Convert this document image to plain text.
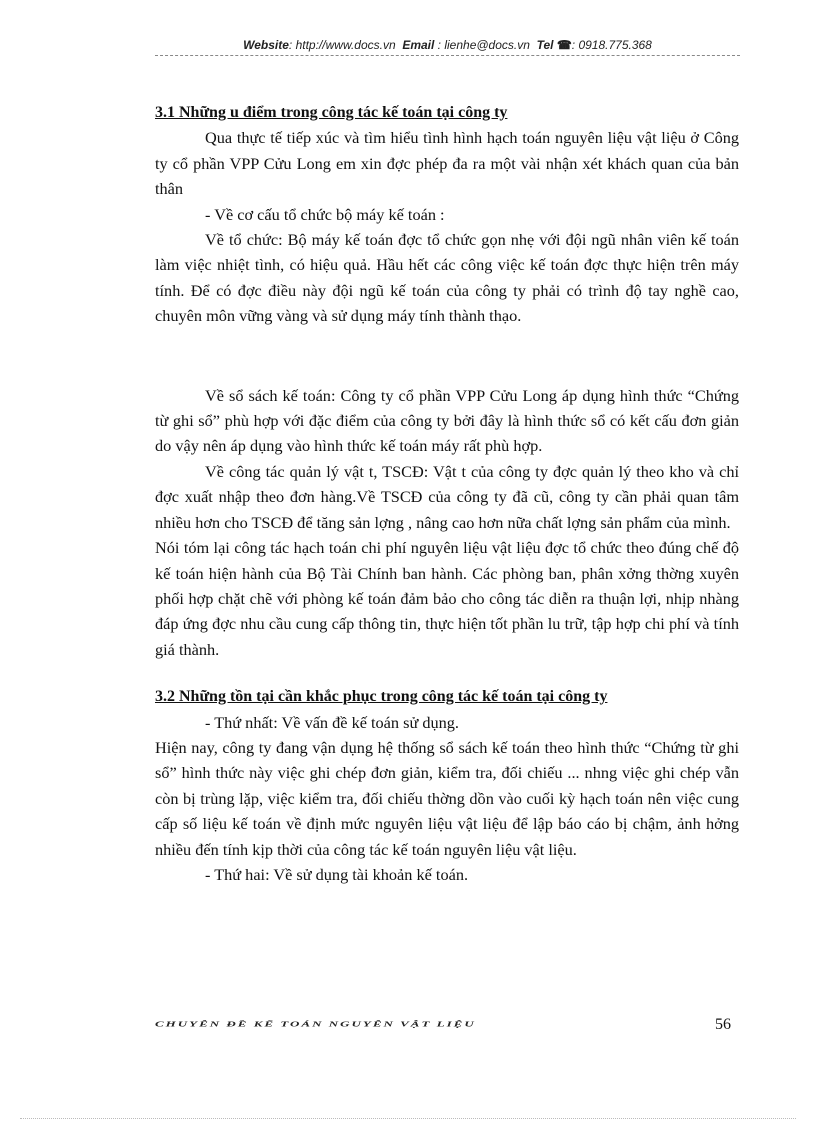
Website: http://www.docs.vn Email : lienhe@docs.vn Tel ☎: 0918.775.368

3.1 Những u điểm trong công tác kế toán tại công ty

Qua thực tế tiếp xúc và tìm hiểu tình hình hạch toán nguyên liệu vật liệu ở Công ty cổ phần VPP Cửu Long em xin đợc phép đa ra một vài nhận xét khách quan của bản thân

- Về cơ cấu tổ chức bộ máy kế toán :

Về tổ chức: Bộ máy kế toán đợc tổ chức gọn nhẹ với đội ngũ nhân viên kế toán làm việc nhiệt tình, có hiệu quả. Hầu hết các công việc kế toán đợc thực hiện trên máy tính. Để có đợc điều này đội ngũ kế toán của công ty phải có trình độ tay nghề cao, chuyên môn vững vàng và sử dụng máy tính thành thạo.

Về sổ sách kế toán: Công ty cổ phần VPP Cửu Long áp dụng hình thức “Chứng từ ghi sổ” phù hợp với đặc điểm của công ty bởi đây là hình thức sổ có kết cấu đơn giản do vậy nên áp dụng vào hình thức kế toán máy rất phù hợp.

Về công tác quản lý vật t, TSCĐ: Vật t của công ty đợc quản lý theo kho và chỉ đợc xuất nhập theo đơn hàng.Về TSCĐ của công ty đã cũ, công ty cần phải quan tâm nhiều hơn cho TSCĐ để tăng sản lợng , nâng cao hơn nữa chất lợng sản phẩm của mình.

Nói tóm lại công tác hạch toán chi phí nguyên liệu vật liệu đợc tổ chức theo đúng chế độ kế toán hiện hành của Bộ Tài Chính ban hành. Các phòng ban, phân xởng thờng xuyên phối hợp chặt chẽ với phòng kế toán đảm bảo cho công tác diễn ra thuận lợi, nhịp nhàng đáp ứng đợc nhu cầu cung cấp thông tin, thực hiện tốt phần lu trữ, tập hợp chi phí và tính giá thành.

3.2 Những tồn tại cần khắc phục trong công tác kế toán tại công ty

- Thứ nhất: Về vấn đề kế toán sử dụng.

Hiện nay, công ty đang vận dụng hệ thống sổ sách kế toán theo hình thức “Chứng từ ghi sổ” hình thức này việc ghi chép đơn giản, kiểm tra, đối chiếu ... nhng việc ghi chép vẫn còn bị trùng lặp, việc kiểm tra, đối chiếu thờng dồn vào cuối kỳ hạch toán nên việc cung cấp số liệu kế toán về định mức nguyên liệu vật liệu để lập báo cáo bị chậm, ảnh hởng nhiều đến tính kịp thời của công tác kế toán nguyên liệu vật liệu.

- Thứ hai: Về sử dụng tài khoản kế toán.

CHUYÊN ĐỀ KẾ TOÁN NGUYÊN VẬT LIỆU	56
